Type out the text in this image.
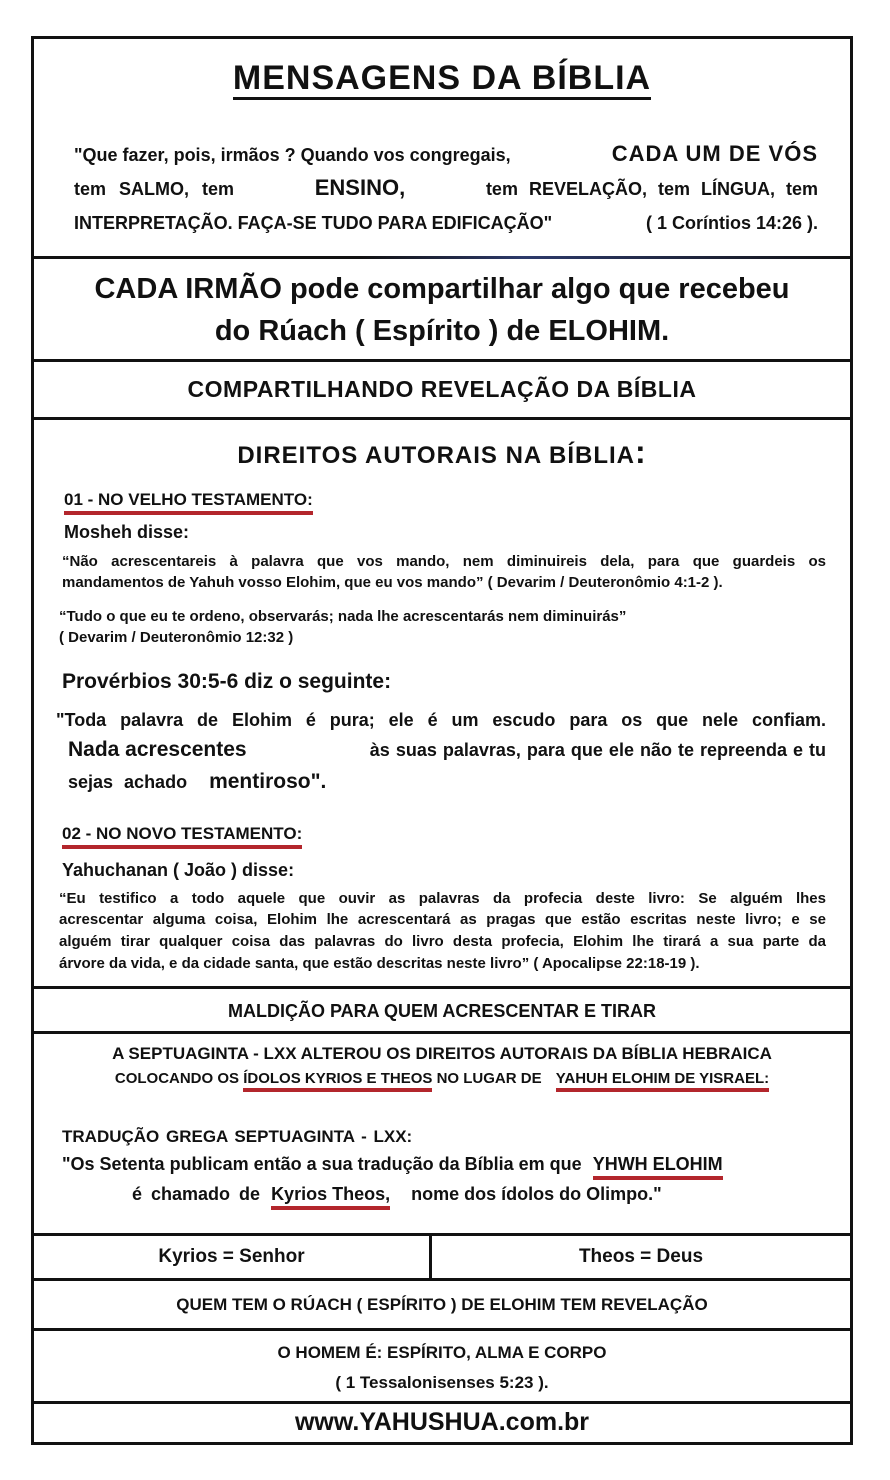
MENSAGENS DA BÍBLIA
"Que fazer, pois, irmãos ? Quando vos congregais,	CADA UM DE VÓS
tem SALMO, tem	ENSINO,	tem REVELAÇÃO, tem LÍNGUA, tem
INTERPRETAÇÃO. FAÇA-SE TUDO PARA EDIFICAÇÃO"	( 1 Coríntios 14:26 ).
CADA IRMÃO pode compartilhar algo que recebeu
do Rúach ( Espírito ) de ELOHIM.
COMPARTILHANDO REVELAÇÃO DA BÍBLIA
DIREITOS AUTORAIS NA BÍBLIA:
01 - NO VELHO TESTAMENTO:
Mosheh disse:
“Não acrescentareis à palavra que vos mando, nem diminuireis dela, para que guardeis os
mandamentos de Yahuh vosso Elohim, que eu vos mando” ( Devarim / Deuteronômio 4:1-2 ).
“Tudo o que eu te ordeno, observarás; nada lhe acrescentarás nem diminuirás”
( Devarim / Deuteronômio 12:32 )
Provérbios 30:5-6 diz o seguinte:
"Toda palavra de Elohim é pura; ele é um escudo para os que nele confiam.
Nada acrescentes	às suas palavras, para que ele não te repreenda e tu
sejas achado mentiroso".
02 - NO NOVO TESTAMENTO:
Yahuchanan ( João ) disse:
“Eu testifico a todo aquele que ouvir as palavras da profecia deste livro: Se alguém lhes
acrescentar alguma coisa, Elohim lhe acrescentará as pragas que estão escritas neste livro; e se
alguém tirar qualquer coisa das palavras do livro desta profecia, Elohim lhe tirará a sua parte da
árvore da vida, e da cidade santa, que estão descritas neste livro” ( Apocalipse 22:18-19 ).
MALDIÇÃO PARA QUEM ACRESCENTAR E TIRAR
A SEPTUAGINTA - LXX ALTEROU OS DIREITOS AUTORAIS DA BÍBLIA HEBRAICA
COLOCANDO OS ÍDOLOS KYRIOS E THEOS NO LUGAR DE YAHUH ELOHIM DE YISRAEL:
TRADUÇÃO GREGA SEPTUAGINTA - LXX:
"Os Setenta publicam então a sua tradução da Bíblia em que YHWH ELOHIM
é chamado de Kyrios Theos, nome dos ídolos do Olimpo."
Kyrios = Senhor	Theos = Deus
QUEM TEM O RÚACH ( ESPÍRITO ) DE ELOHIM TEM REVELAÇÃO
O HOMEM É: ESPÍRITO, ALMA E CORPO
( 1 Tessalonisenses 5:23 ).
www.YAHUSHUA.com.br
